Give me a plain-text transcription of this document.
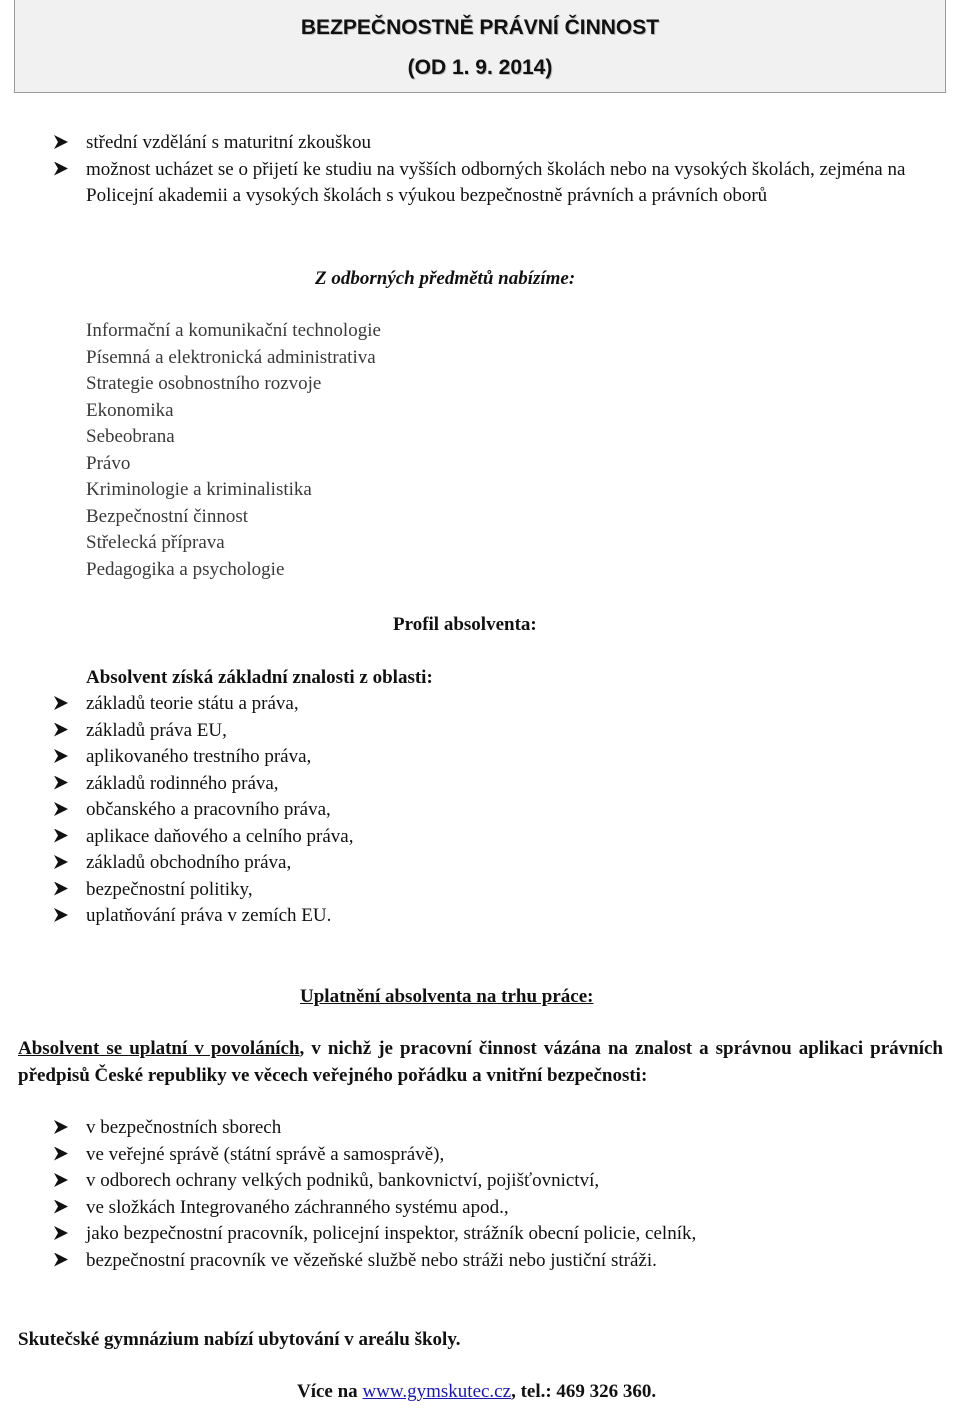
BEZPEČNOSTNĚ PRÁVNÍ ČINNOST
(OD 1. 9. 2014)
střední vzdělání s maturitní zkouškou
možnost ucházet se o přijetí ke studiu na vyšších odborných školách nebo na vysokých školách, zejména na Policejní akademii a vysokých školách s výukou bezpečnostně právních a právních oborů
Z odborných předmětů nabízíme:
Informační a komunikační technologie
Písemná a elektronická administrativa
Strategie osobnostního rozvoje
Ekonomika
Sebeobrana
Právo
Kriminologie a kriminalistika
Bezpečnostní činnost
Střelecká příprava
Pedagogika a psychologie
Profil absolventa:
Absolvent získá základní znalosti z oblasti:
základů teorie státu a práva,
základů práva EU,
aplikovaného trestního práva,
základů rodinného práva,
občanského a pracovního práva,
aplikace daňového a celního práva,
základů obchodního práva,
bezpečnostní politiky,
uplatňování práva v zemích EU.
Uplatnění absolventa na trhu práce:
Absolvent se uplatní v povoláních, v nichž je pracovní činnost vázána na znalost a správnou aplikaci právních předpisů České republiky ve věcech veřejného pořádku a vnitřní bezpečnosti:
v bezpečnostních sborech
ve veřejné správě (státní správě a samosprávě),
v odborech ochrany velkých podniků, bankovnictví, pojišťovnictví,
ve složkách Integrovaného záchranného systému apod.,
jako bezpečnostní pracovník, policejní inspektor, strážník obecní policie, celník,
bezpečnostní pracovník ve vězeňské službě nebo stráži nebo justiční stráži.
Skutečské gymnázium nabízí ubytování v areálu školy.
Více na www.gymskutec.cz, tel.: 469 326 360.
